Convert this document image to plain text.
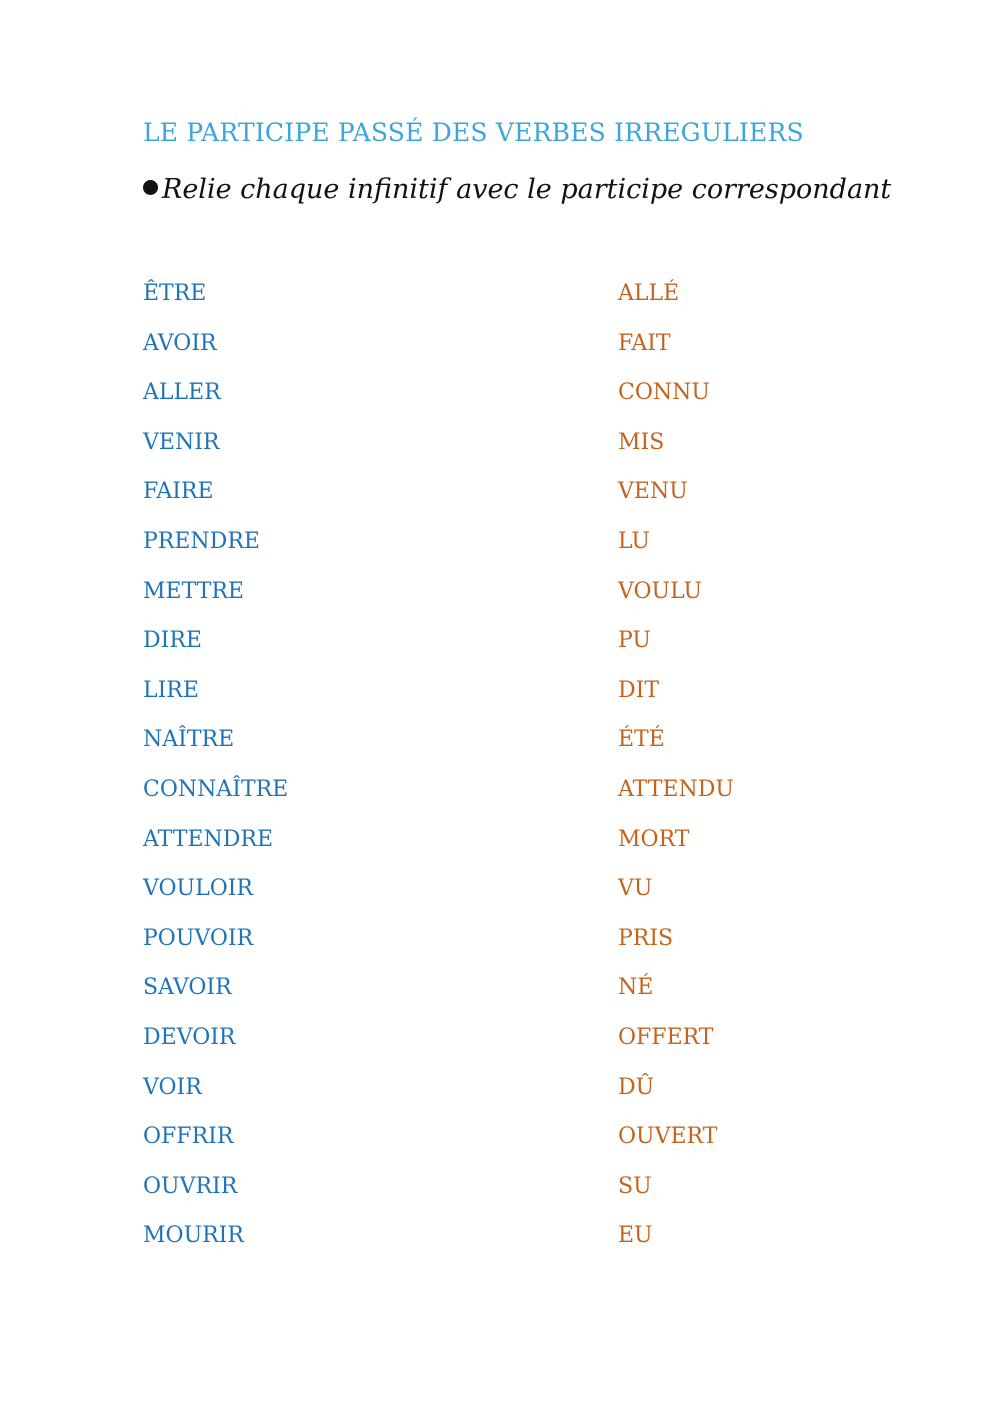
LE PARTICIPE PASSÉ DES VERBES IRREGULIERS
Relie chaque infinitif avec le participe correspondant
ÊTRE
AVOIR
ALLER
VENIR
FAIRE
PRENDRE
METTRE
DIRE
LIRE
NAÎTRE
CONNAÎTRE
ATTENDRE
VOULOIR
POUVOIR
SAVOIR
DEVOIR
VOIR
OFFRIR
OUVRIR
MOURIR
ALLÉ
FAIT
CONNU
MIS
VENU
LU
VOULU
PU
DIT
ÉTÉ
ATTENDU
MORT
VU
PRIS
NÉ
OFFERT
DÛ
OUVERT
SU
EU
